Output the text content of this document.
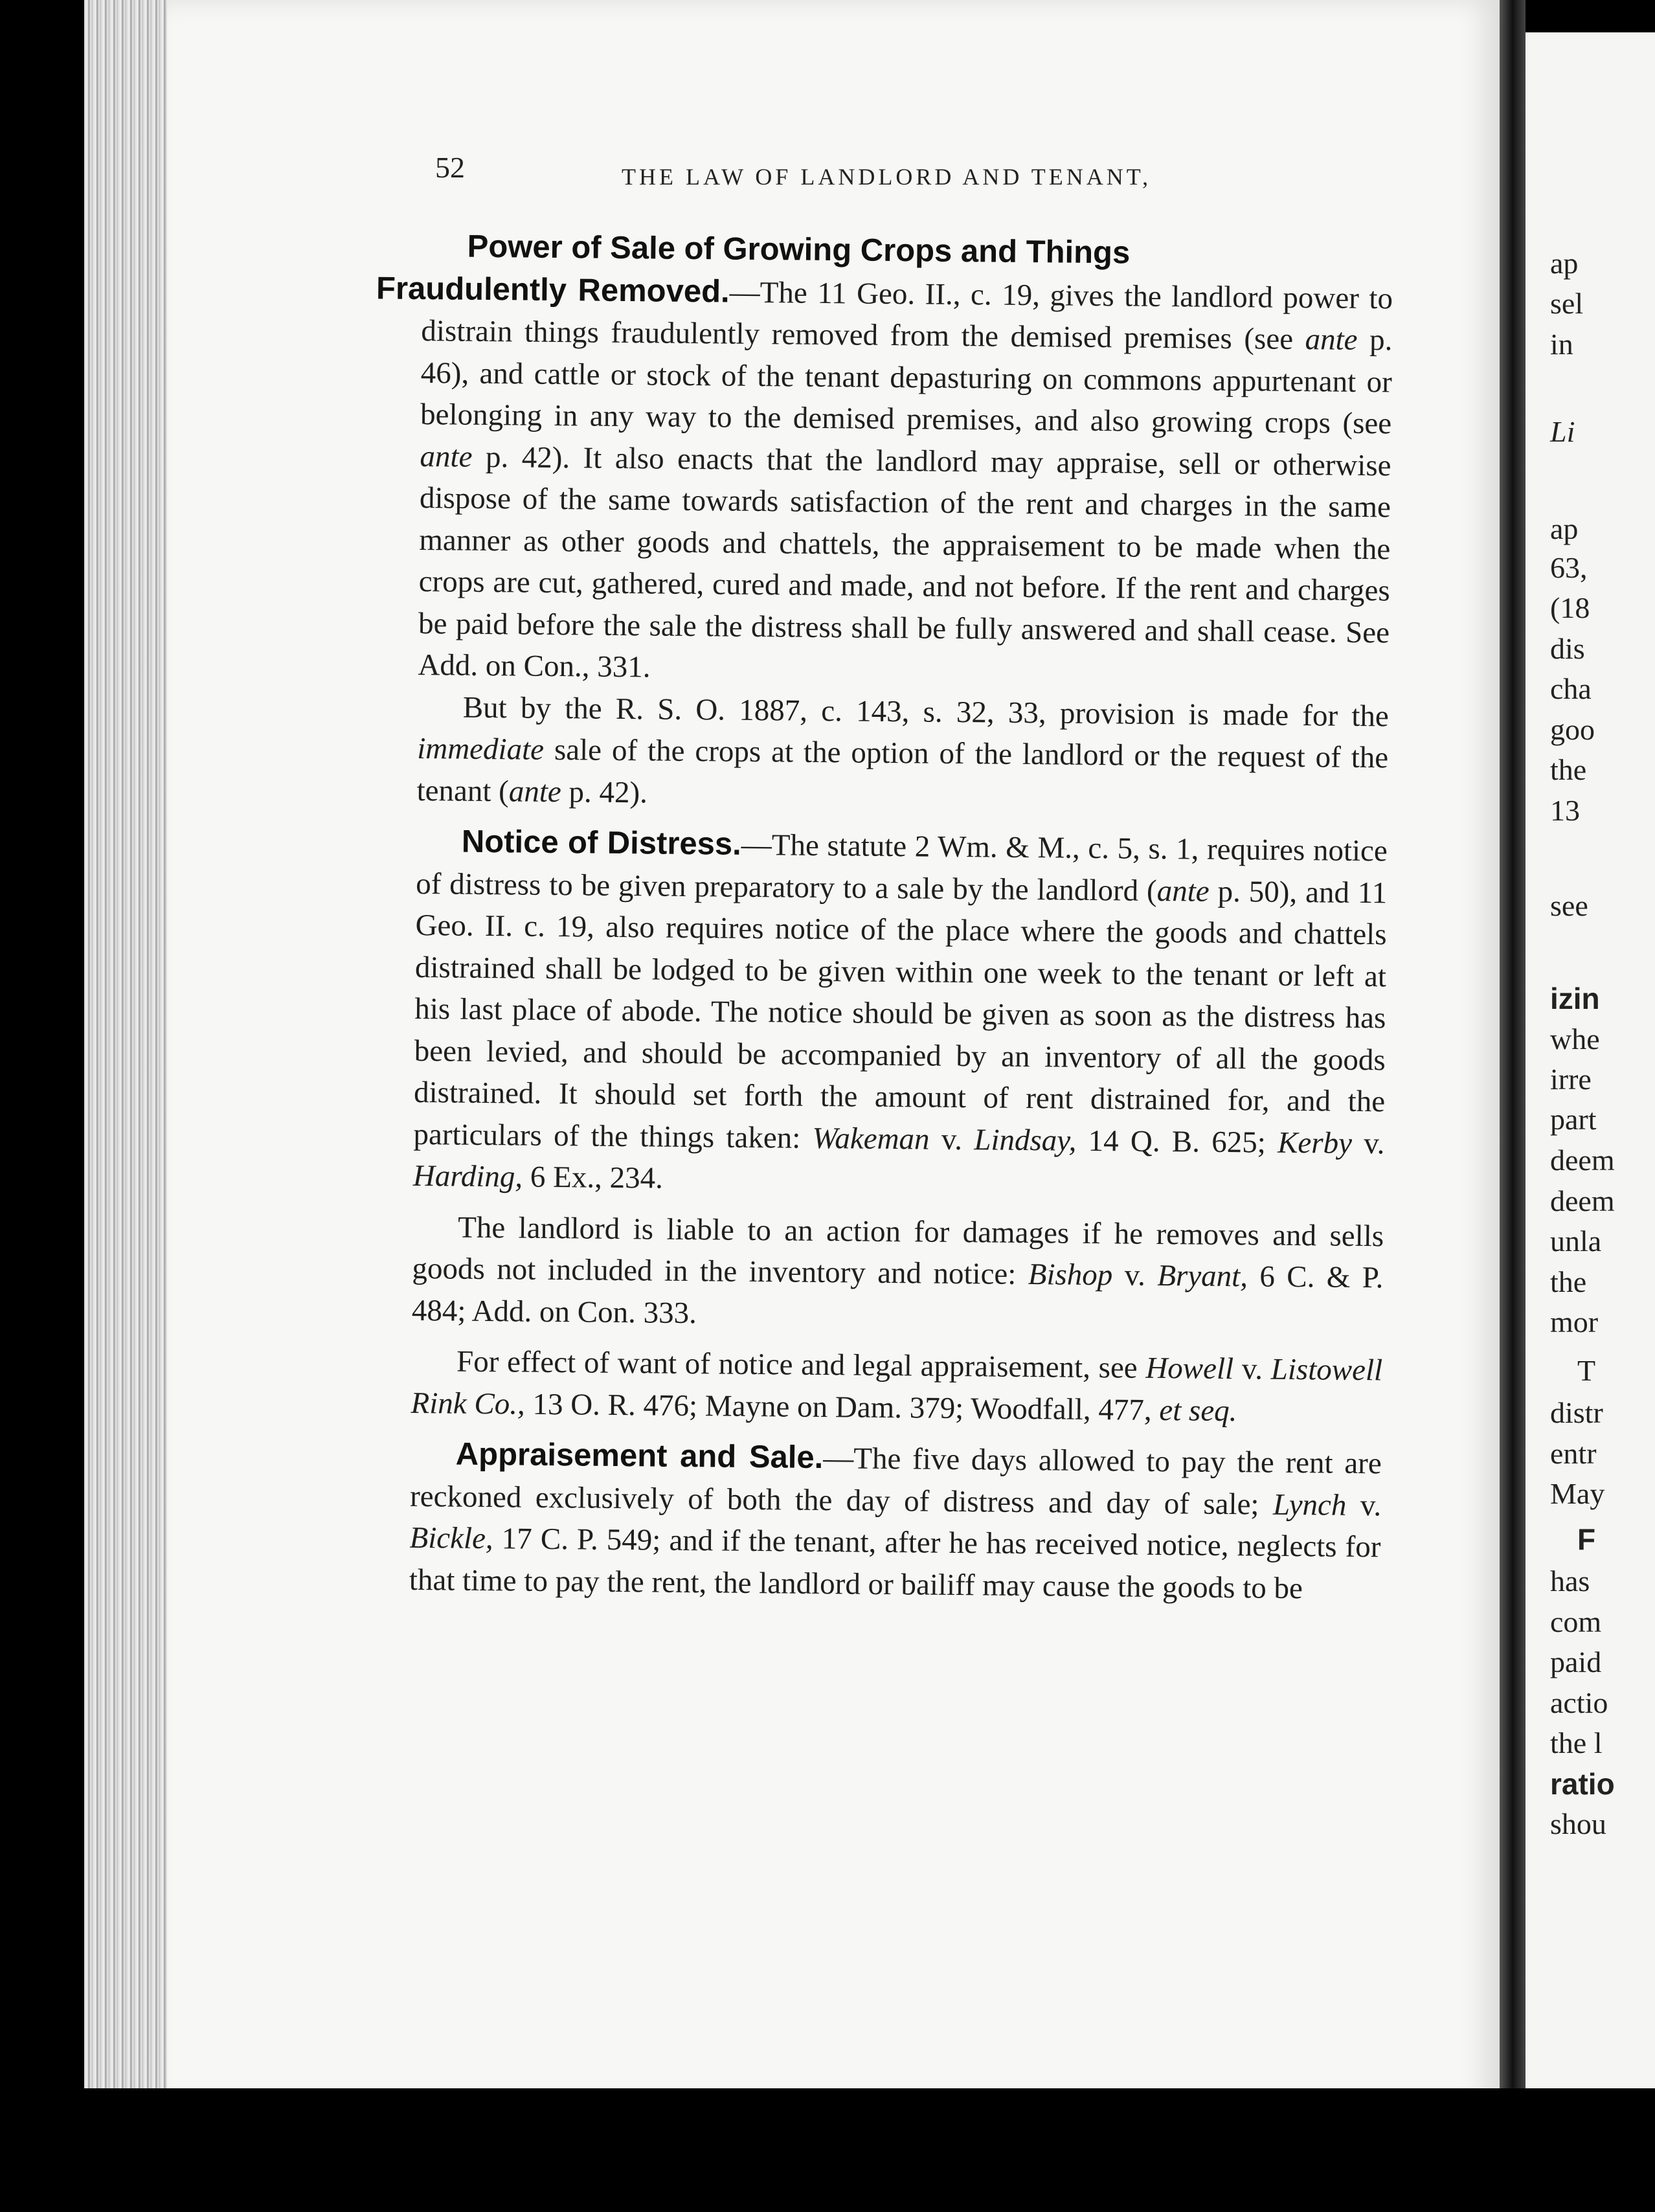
ap
sel
in
Li
ap
63,
(18
dis
cha
goo
the
13
see
izin
whe
irre
part
deem
deem
unla
the
mor
T
distr
entr
May
F
has
com
paid
actio
the l
ratio
shou
52	THE LAW OF LANDLORD AND TENANT,

Power of Sale of Growing Crops and Things
Fraudulently Removed.—The 11 Geo. II., c. 19, gives the landlord power to distrain things fraudulently removed from the demised premises (see ante p. 46), and cattle or stock of the tenant depasturing on commons appurtenant or belonging in any way to the demised premises, and also growing crops (see ante p. 42). It also enacts that the landlord may appraise, sell or otherwise dispose of the same towards satisfaction of the rent and charges in the same manner as other goods and chattels, the appraisement to be made when the crops are cut, gathered, cured and made, and not before. If the rent and charges be paid before the sale the distress shall be fully answered and shall cease. See Add. on Con., 331.

But by the R. S. O. 1887, c. 143, s. 32, 33, provision is made for the immediate sale of the crops at the option of the landlord or the request of the tenant (ante p. 42).

Notice of Distress.—The statute 2 Wm. & M., c. 5, s. 1, requires notice of distress to be given preparatory to a sale by the landlord (ante p. 50), and 11 Geo. II. c. 19, also requires notice of the place where the goods and chattels distrained shall be lodged to be given within one week to the tenant or left at his last place of abode. The notice should be given as soon as the distress has been levied, and should be accompanied by an inventory of all the goods distrained. It should set forth the amount of rent distrained for, and the particulars of the things taken: Wakeman v. Lindsay, 14 Q. B. 625; Kerby v. Harding, 6 Ex., 234.

The landlord is liable to an action for damages if he removes and sells goods not included in the inventory and notice: Bishop v. Bryant, 6 C. & P. 484; Add. on Con. 333.

For effect of want of notice and legal appraisement, see Howell v. Listowell Rink Co., 13 O. R. 476; Mayne on Dam. 379; Woodfall, 477, et seq.

Appraisement and Sale.—The five days allowed to pay the rent are reckoned exclusively of both the day of distress and day of sale; Lynch v. Bickle, 17 C. P. 549; and if the tenant, after he has received notice, neglects for that time to pay the rent, the landlord or bailiff may cause the goods to be
